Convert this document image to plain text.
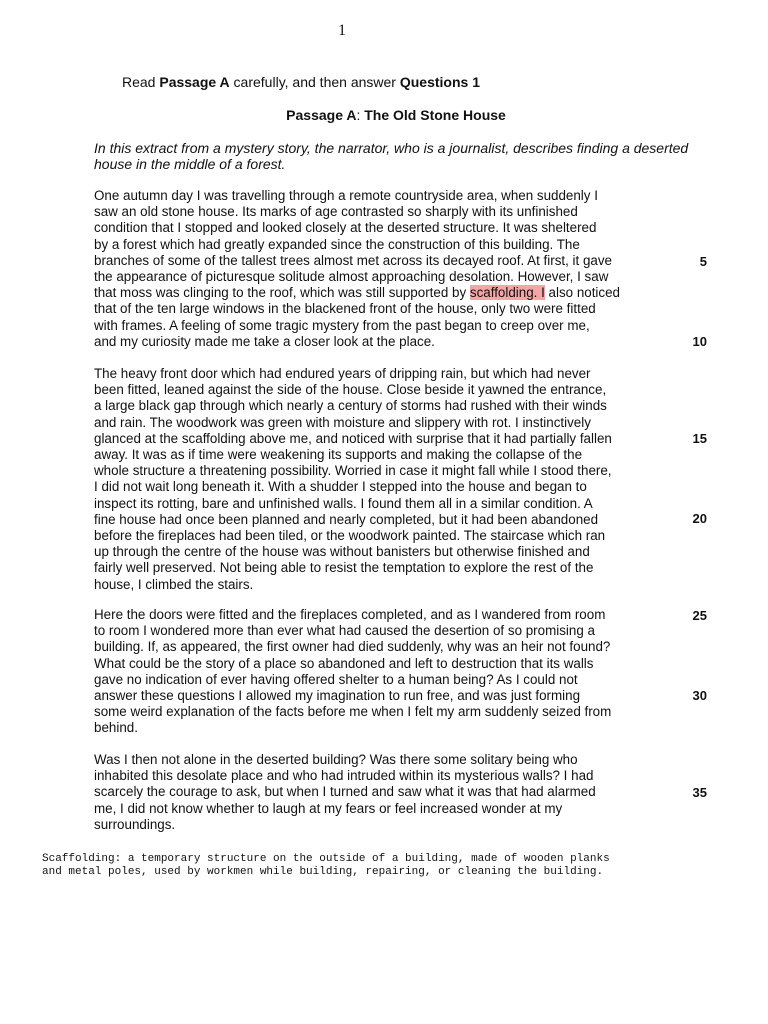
1
Read Passage A carefully, and then answer Questions 1
Passage A: The Old Stone House
In this extract from a mystery story, the narrator, who is a journalist, describes finding a deserted
house in the middle of a forest.
One autumn day I was travelling through a remote countryside area, when suddenly I
saw an old stone house. Its marks of age contrasted so sharply with its unfinished
condition that I stopped and looked closely at the deserted structure. It was sheltered
by a forest which had greatly expanded since the construction of this building. The
branches of some of the tallest trees almost met across its decayed roof. At first, it gave
the appearance of picturesque solitude almost approaching desolation. However, I saw
that moss was clinging to the roof, which was still supported by scaffolding. I also noticed
that of the ten large windows in the blackened front of the house, only two were fitted
with frames. A feeling of some tragic mystery from the past began to creep over me,
and my curiosity made me take a closer look at the place.
The heavy front door which had endured years of dripping rain, but which had never
been fitted, leaned against the side of the house. Close beside it yawned the entrance,
a large black gap through which nearly a century of storms had rushed with their winds
and rain. The woodwork was green with moisture and slippery with rot. I instinctively
glanced at the scaffolding above me, and noticed with surprise that it had partially fallen
away. It was as if time were weakening its supports and making the collapse of the
whole structure a threatening possibility. Worried in case it might fall while I stood there,
I did not wait long beneath it. With a shudder I stepped into the house and began to
inspect its rotting, bare and unfinished walls. I found them all in a similar condition. A
fine house had once been planned and nearly completed, but it had been abandoned
before the fireplaces had been tiled, or the woodwork painted. The staircase which ran
up through the centre of the house was without banisters but otherwise finished and
fairly well preserved. Not being able to resist the temptation to explore the rest of the
house, I climbed the stairs.
Here the doors were fitted and the fireplaces completed, and as I wandered from room
to room I wondered more than ever what had caused the desertion of so promising a
building. If, as appeared, the first owner had died suddenly, why was an heir not found?
What could be the story of a place so abandoned and left to destruction that its walls
gave no indication of ever having offered shelter to a human being? As I could not
answer these questions I allowed my imagination to run free, and was just forming
some weird explanation of the facts before me when I felt my arm suddenly seized from
behind.
Was I then not alone in the deserted building? Was there some solitary being who
inhabited this desolate place and who had intruded within its mysterious walls? I had
scarcely the courage to ask, but when I turned and saw what it was that had alarmed
me, I did not know whether to laugh at my fears or feel increased wonder at my
surroundings.
5
10
15
20
25
30
35
Scaffolding: a temporary structure on the outside of a building, made of wooden planks
and metal poles, used by workmen while building, repairing, or cleaning the building.
